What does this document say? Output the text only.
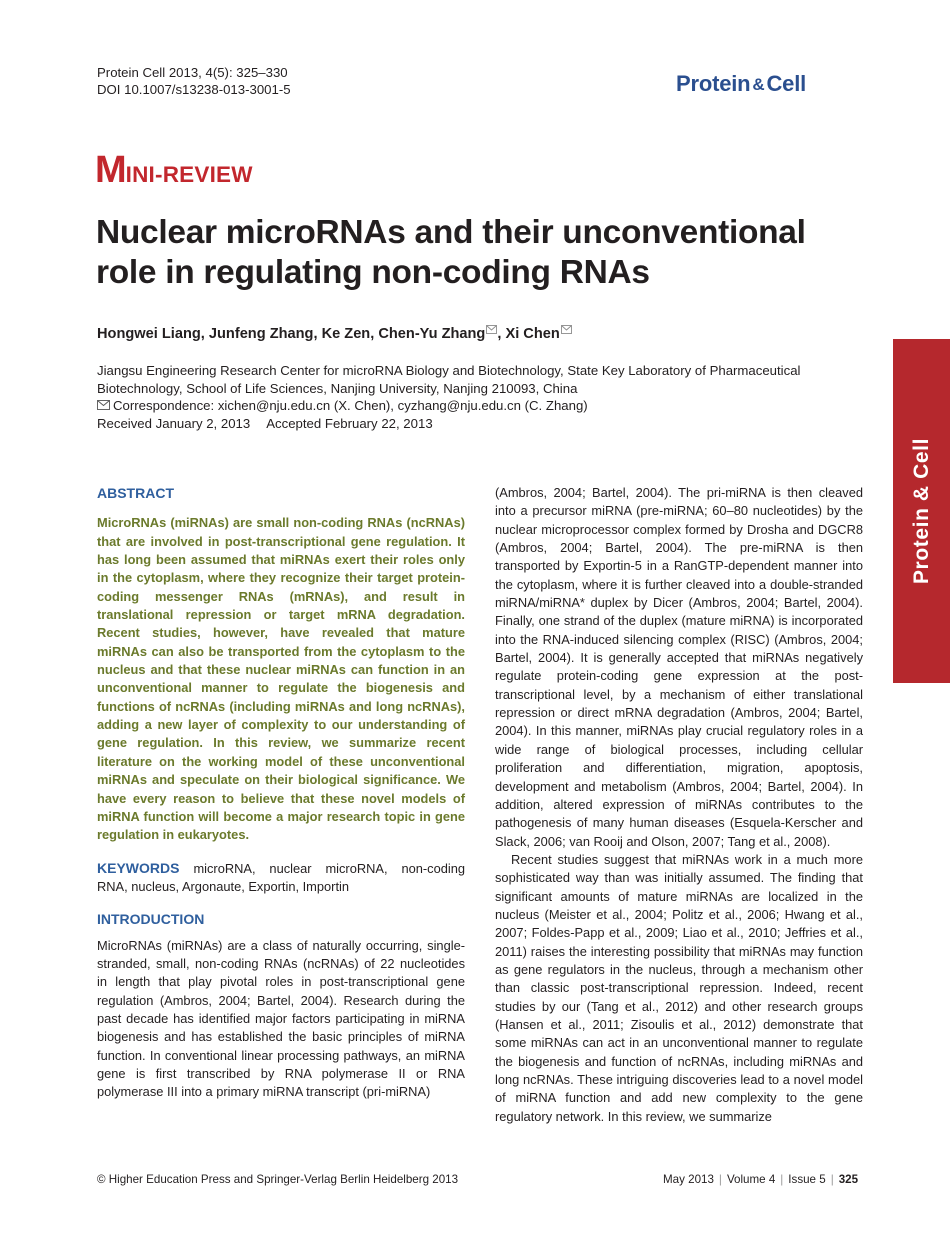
Protein Cell 2013, 4(5): 325–330
DOI 10.1007/s13238-013-3001-5	Protein &Cell
MINI-REVIEW
Nuclear microRNAs and their unconventional role in regulating non-coding RNAs
Hongwei Liang, Junfeng Zhang, Ke Zen, Chen-Yu Zhang , Xi Chen

Jiangsu Engineering Research Center for microRNA Biology and Biotechnology, State Key Laboratory of Pharmaceutical Biotechnology, School of Life Sciences, Nanjing University, Nanjing 210093, China

Correspondence: xichen@nju.edu.cn (X. Chen), cyzhang@nju.edu.cn (C. Zhang)

Received January 2, 2013 Accepted February 22, 2013

Protein & Cell

ABSTRACT

MicroRNAs (miRNAs) are small non-coding RNAs (ncRNAs) that are involved in post-transcriptional gene regulation. It has long been assumed that miRNAs exert their roles only in the cytoplasm, where they recognize their target protein-coding messenger RNAs (mRNAs), and result in translational repression or target mRNA degradation. Recent studies, however, have revealed that mature miRNAs can also be transported from the cytoplasm to the nucleus and that these nuclear miRNAs can function in an unconventional manner to regulate the biogenesis and functions of ncRNAs (including miRNAs and long ncRNAs), adding a new layer of complexity to our understanding of gene regulation. In this review, we summarize recent literature on the working model of these unconventional miRNAs and speculate on their biological significance. We have every reason to believe that these novel models of miRNA function will become a major research topic in gene regulation in eukaryotes.

KEYWORDS microRNA, nuclear microRNA, non-coding RNA, nucleus, Argonaute, Exportin, Importin

INTRODUCTION

MicroRNAs (miRNAs) are a class of naturally occurring, single-stranded, small, non-coding RNAs (ncRNAs) of 22 nucleotides in length that play pivotal roles in post-transcriptional gene regulation (Ambros, 2004; Bartel, 2004). Research during the past decade has identified major factors participating in miRNA biogenesis and has established the basic principles of miRNA function. In conventional linear processing pathways, an miRNA gene is first transcribed by RNA polymerase II or RNA polymerase III into a primary miRNA transcript (pri-miRNA)

(Ambros, 2004; Bartel, 2004). The pri-miRNA is then cleaved into a precursor miRNA (pre-miRNA; 60–80 nucleotides) by the nuclear microprocessor complex formed by Drosha and DGCR8 (Ambros, 2004; Bartel, 2004). The pre-miRNA is then transported by Exportin-5 in a RanGTP-dependent manner into the cytoplasm, where it is further cleaved into a double-stranded miRNA/miRNA* duplex by Dicer (Ambros, 2004; Bartel, 2004). Finally, one strand of the duplex (mature miRNA) is incorporated into the RNA-induced silencing complex (RISC) (Ambros, 2004; Bartel, 2004). It is generally accepted that miRNAs negatively regulate protein-coding gene expression at the post-transcriptional level, by a mechanism of either translational repression or direct mRNA degradation (Ambros, 2004; Bartel, 2004). In this manner, miRNAs play crucial regulatory roles in a wide range of biological processes, including cellular proliferation and differentiation, migration, apoptosis, development and metabolism (Ambros, 2004; Bartel, 2004). In addition, altered expression of miRNAs contributes to the pathogenesis of many human diseases (Esquela-Kerscher and Slack, 2006; van Rooij and Olson, 2007; Tang et al., 2008).

Recent studies suggest that miRNAs work in a much more sophisticated way than was initially assumed. The finding that significant amounts of mature miRNAs are localized in the nucleus (Meister et al., 2004; Politz et al., 2006; Hwang et al., 2007; Foldes-Papp et al., 2009; Liao et al., 2010; Jeffries et al., 2011) raises the interesting possibility that miRNAs may function as gene regulators in the nucleus, through a mechanism other than classic post-transcriptional repression. Indeed, recent studies by our (Tang et al., 2012) and other research groups (Hansen et al., 2011; Zisoulis et al., 2012) demonstrate that some miRNAs can act in an unconventional manner to regulate the biogenesis and function of ncRNAs, including miRNAs and long ncRNAs. These intriguing discoveries lead to a novel model of miRNA function and add new complexity to the gene regulatory network. In this review, we summarize

© Higher Education Press and Springer-Verlag Berlin Heidelberg 2013	May 2013 | Volume 4 | Issue 5 | 325
